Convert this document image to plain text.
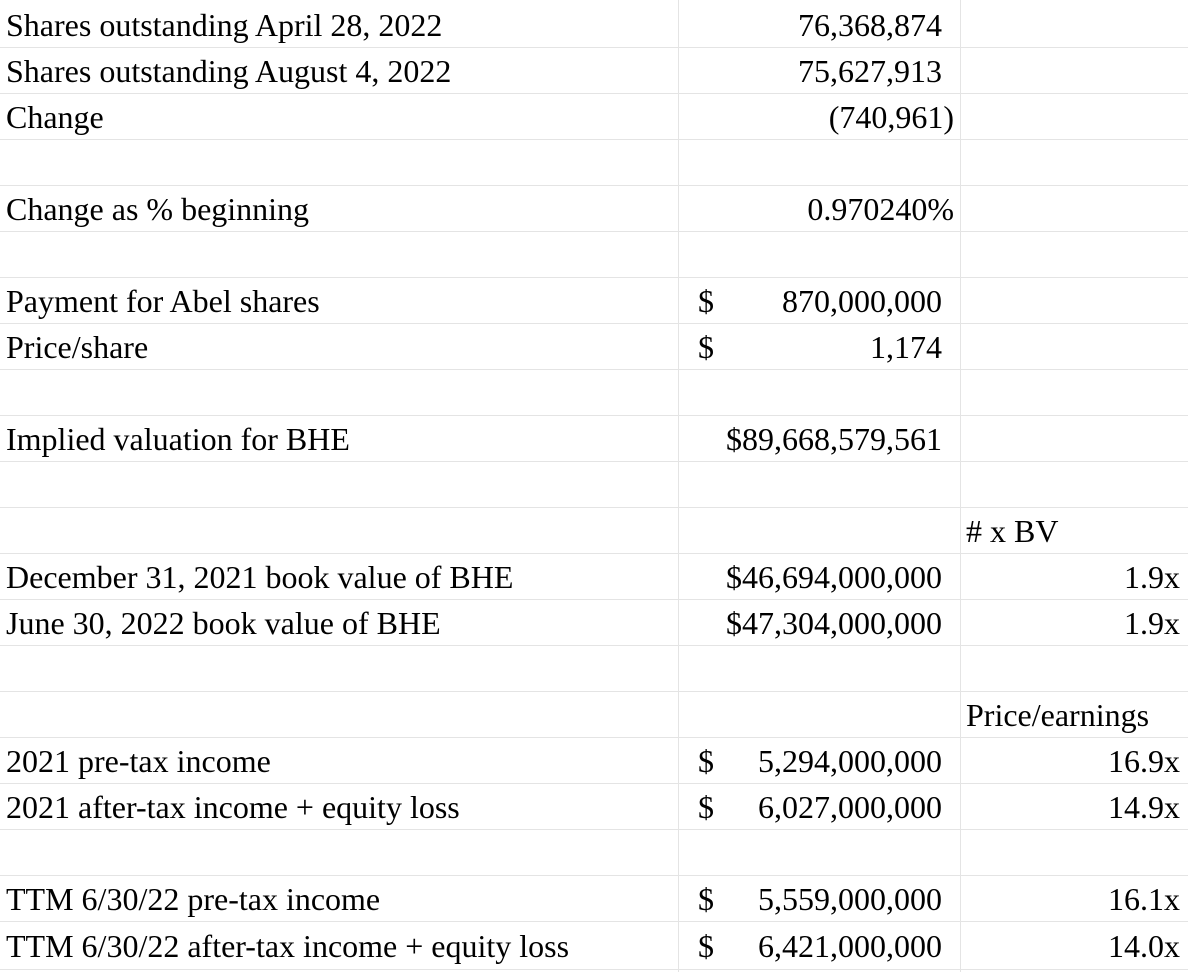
Shares outstanding April 28, 2022	76,368,874
Shares outstanding August 4, 2022	75,627,913
Change	(740,961)
Change as % beginning	0.970240%
Payment for Abel shares	$ 870,000,000
Price/share	$	1,174
Implied valuation for BHE	$89,668,579,561
# x BV
December 31, 2021 book value of BHE	$46,694,000,000	1.9x
June 30, 2022 book value of BHE	$47,304,000,000	1.9x
Price/earnings
2021 pre-tax income	$ 5,294,000,000	16.9x
2021 after-tax income + equity loss	$ 6,027,000,000	14.9x
TTM 6/30/22 pre-tax income	$ 5,559,000,000	16.1x
TTM 6/30/22 after-tax income + equity loss	$ 6,421,000,000	14.0x
